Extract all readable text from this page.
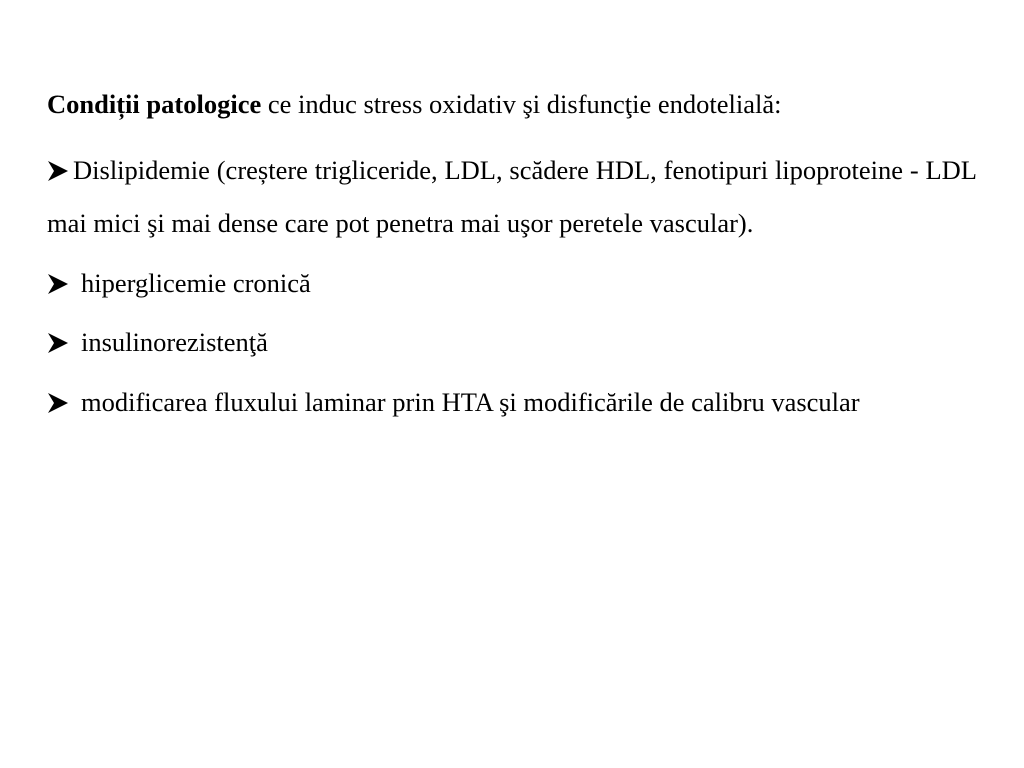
Condiții patologice ce induc stress oxidativ şi disfuncţie endotelială:

Dislipidemie (creștere trigliceride, LDL, scădere HDL, fenotipuri lipoproteine - LDL mai mici şi mai dense care pot penetra mai uşor peretele vascular).

hiperglicemie cronică

insulinorezistenţă

modificarea fluxului laminar prin HTA şi modificările de calibru vascular
